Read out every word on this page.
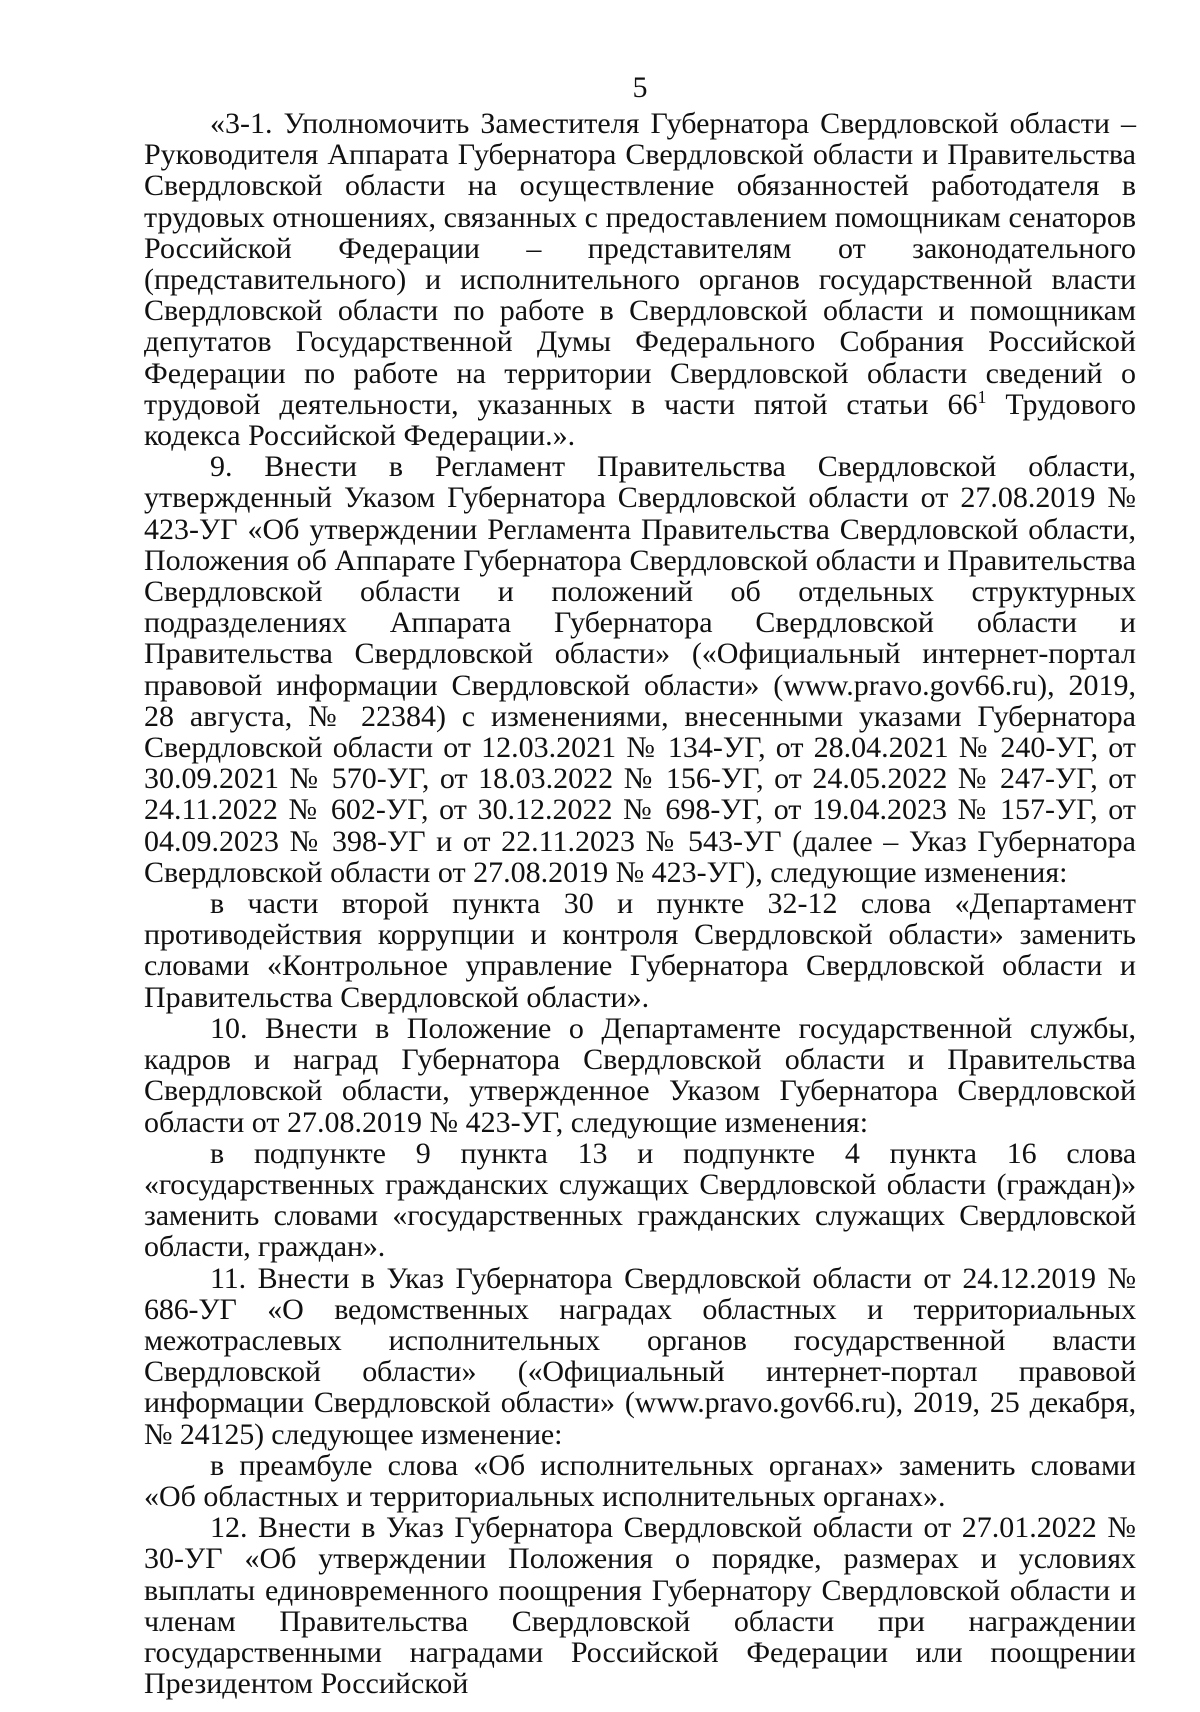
5

«3-1. Уполномочить Заместителя Губернатора Свердловской области – Руководителя Аппарата Губернатора Свердловской области и Правительства Свердловской области на осуществление обязанностей работодателя в трудовых отношениях, связанных с предоставлением помощникам сенаторов Российской Федерации – представителям от законодательного (представительного) и исполнительного органов государственной власти Свердловской области по работе в Свердловской области и помощникам депутатов Государственной Думы Федерального Собрания Российской Федерации по работе на территории Свердловской области сведений о трудовой деятельности, указанных в части пятой статьи $66^1$ Трудового кодекса Российской Федерации.».

9. Внести в Регламент Правительства Свердловской области, утвержденный Указом Губернатора Свердловской области от 27.08.2019 № 423-УГ «Об утверждении Регламента Правительства Свердловской области, Положения об Аппарате Губернатора Свердловской области и Правительства Свердловской области и положений об отдельных структурных подразделениях Аппарата Губернатора Свердловской области и Правительства Свердловской области» («Официальный интернет-портал правовой информации Свердловской области» (www.pravo.gov66.ru), 2019, 28 августа, № 22384) с изменениями, внесенными указами Губернатора Свердловской области от 12.03.2021 № 134-УГ, от 28.04.2021 № 240-УГ, от 30.09.2021 № 570-УГ, от 18.03.2022 № 156-УГ, от 24.05.2022 № 247-УГ, от 24.11.2022 № 602-УГ, от 30.12.2022 № 698-УГ, от 19.04.2023 № 157-УГ, от 04.09.2023 № 398-УГ и от 22.11.2023 № 543-УГ (далее – Указ Губернатора Свердловской области от 27.08.2019 № 423-УГ), следующие изменения:

в части второй пункта 30 и пункте 32-12 слова «Департамент противодействия коррупции и контроля Свердловской области» заменить словами «Контрольное управление Губернатора Свердловской области и Правительства Свердловской области».

10. Внести в Положение о Департаменте государственной службы, кадров и наград Губернатора Свердловской области и Правительства Свердловской области, утвержденное Указом Губернатора Свердловской области от 27.08.2019 № 423-УГ, следующие изменения:

в подпункте 9 пункта 13 и подпункте 4 пункта 16 слова «государственных гражданских служащих Свердловской области (граждан)» заменить словами «государственных гражданских служащих Свердловской области, граждан».

11. Внести в Указ Губернатора Свердловской области от 24.12.2019 № 686-УГ «О ведомственных наградах областных и территориальных межотраслевых исполнительных органов государственной власти Свердловской области» («Официальный интернет-портал правовой информации Свердловской области» (www.pravo.gov66.ru), 2019, 25 декабря, № 24125) следующее изменение:

в преамбуле слова «Об исполнительных органах» заменить словами «Об областных и территориальных исполнительных органах».

12. Внести в Указ Губернатора Свердловской области от 27.01.2022 № 30-УГ «Об утверждении Положения о порядке, размерах и условиях выплаты единовременного поощрения Губернатору Свердловской области и членам Правительства Свердловской области при награждении государственными наградами Российской Федерации или поощрении Президентом Российской
